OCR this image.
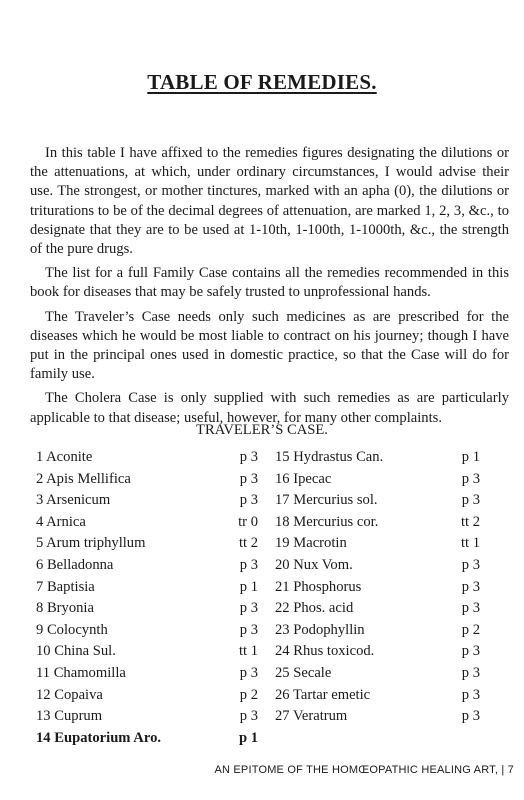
TABLE OF REMEDIES.

In this table I have affixed to the remedies figures designating the dilutions or the attenuations, at which, under ordinary circumstances, I would advise their use. The strongest, or mother tinctures, marked with an apha (0), the dilutions or triturations to be of the decimal degrees of attenuation, are marked 1, 2, 3, &c., to designate that they are to be used at 1-10th, 1-100th, 1-1000th, &c., the strength of the pure drugs.

The list for a full Family Case contains all the remedies recommended in this book for diseases that may be safely trusted to unprofessional hands.

The Traveler’s Case needs only such medicines as are prescribed for the diseases which he would be most liable to contract on his journey; though I have put in the principal ones used in domestic practice, so that the Case will do for family use.

The Cholera Case is only supplied with such remedies as are particularly applicable to that disease; useful, however, for many other complaints.

TRAVELER’S CASE.
1 Aconite	p 3
2 Apis Mellifica	p 3
3 Arsenicum	p 3
4 Arnica	tr 0
5 Arum triphyllum	tt 2
6 Belladonna	p 3
7 Baptisia	p 1
8 Bryonia	p 3
9 Colocynth	p 3
10 China Sul.	tt 1
11 Chamomilla	p 3
12 Copaiva	p 2
13 Cuprum	p 3
14 Eupatorium Aro.	p 1
15 Hydrastus Can.	p 1
16 Ipecac	p 3
17 Mercurius sol.	p 3
18 Mercurius cor.	tt 2
19 Macrotin	tt 1
20 Nux Vom.	p 3
21 Phosphorus	p 3
22 Phos. acid	p 3
23 Podophyllin	p 2
24 Rhus toxicod.	p 3
25 Secale	p 3
26 Tartar emetic	p 3
27 Veratrum	p 3
AN EPITOME OF THE HOMŒOPATHIC HEALING ART, | 7
